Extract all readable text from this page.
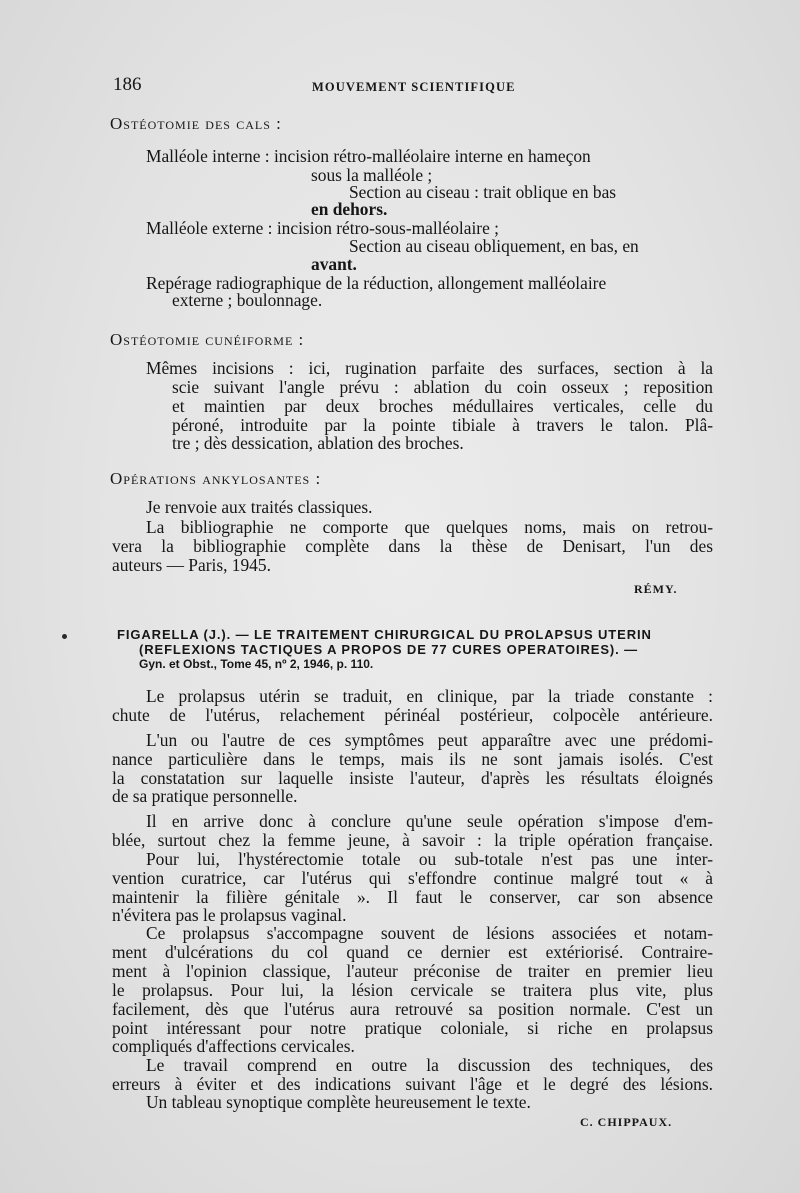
186	MOUVEMENT SCIENTIFIQUE
Ostéotomie des cals :
Malléole interne : incision rétro-malléolaire interne en hameçon
sous la malléole ;
Section au ciseau : trait oblique en bas
en dehors.
Malléole externe : incision rétro-sous-malléolaire ;
Section au ciseau obliquement, en bas, en
avant.
Repérage radiographique de la réduction, allongement malléolaire
externe ; boulonnage.
Ostéotomie cunéiforme :
Mêmes incisions : ici, rugination parfaite des surfaces, section à la
scie suivant l'angle prévu : ablation du coin osseux ; reposition
et maintien par deux broches médullaires verticales, celle du
péroné, introduite par la pointe tibiale à travers le talon. Plâ-
tre ; dès dessication, ablation des broches.
Opérations ankylosantes :
Je renvoie aux traités classiques.
La bibliographie ne comporte que quelques noms, mais on retrou-
vera la bibliographie complète dans la thèse de Denisart, l'un des
auteurs — Paris, 1945.
RÉMY.
FIGARELLA (J.). — LE TRAITEMENT CHIRURGICAL DU PROLAPSUS UTERIN
(REFLEXIONS TACTIQUES A PROPOS DE 77 CURES OPERATOIRES). —
Gyn. et Obst., Tome 45, nº 2, 1946, p. 110.
Le prolapsus utérin se traduit, en clinique, par la triade constante :
chute de l'utérus, relachement périnéal postérieur, colpocèle antérieure.
L'un ou l'autre de ces symptômes peut apparaître avec une prédomi-
nance particulière dans le temps, mais ils ne sont jamais isolés. C'est
la constatation sur laquelle insiste l'auteur, d'après les résultats éloignés
de sa pratique personnelle.
Il en arrive donc à conclure qu'une seule opération s'impose d'em-
blée, surtout chez la femme jeune, à savoir : la triple opération française.
Pour lui, l'hystérectomie totale ou sub-totale n'est pas une inter-
vention curatrice, car l'utérus qui s'effondre continue malgré tout « à
maintenir la filière génitale ». Il faut le conserver, car son absence
n'évitera pas le prolapsus vaginal.
Ce prolapsus s'accompagne souvent de lésions associées et notam-
ment d'ulcérations du col quand ce dernier est extériorisé. Contraire-
ment à l'opinion classique, l'auteur préconise de traiter en premier lieu
le prolapsus. Pour lui, la lésion cervicale se traitera plus vite, plus
facilement, dès que l'utérus aura retrouvé sa position normale. C'est un
point intéressant pour notre pratique coloniale, si riche en prolapsus
compliqués d'affections cervicales.
Le travail comprend en outre la discussion des techniques, des
erreurs à éviter et des indications suivant l'âge et le degré des lésions.
Un tableau synoptique complète heureusement le texte.
C. CHIPPAUX.
